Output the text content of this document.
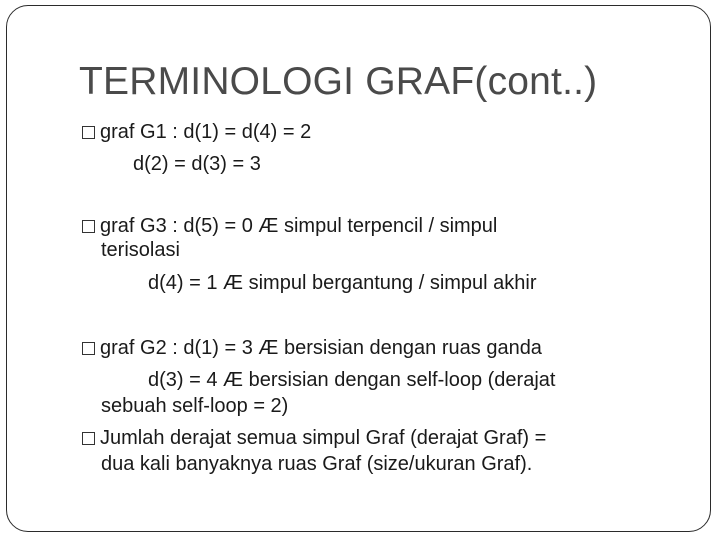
TERMINOLOGI GRAF(cont..)
graf G1 : d(1) = d(4) = 2
d(2) = d(3) = 3
graf G3 : d(5) = 0 Æ simpul terpencil / simpul
terisolasi
d(4) = 1 Æ simpul bergantung / simpul akhir
graf G2 : d(1) = 3 Æ bersisian dengan ruas ganda
d(3) = 4 Æ bersisian dengan self-loop (derajat
sebuah self-loop = 2)
Jumlah derajat semua simpul Graf (derajat Graf) =
dua kali banyaknya ruas Graf (size/ukuran Graf).
